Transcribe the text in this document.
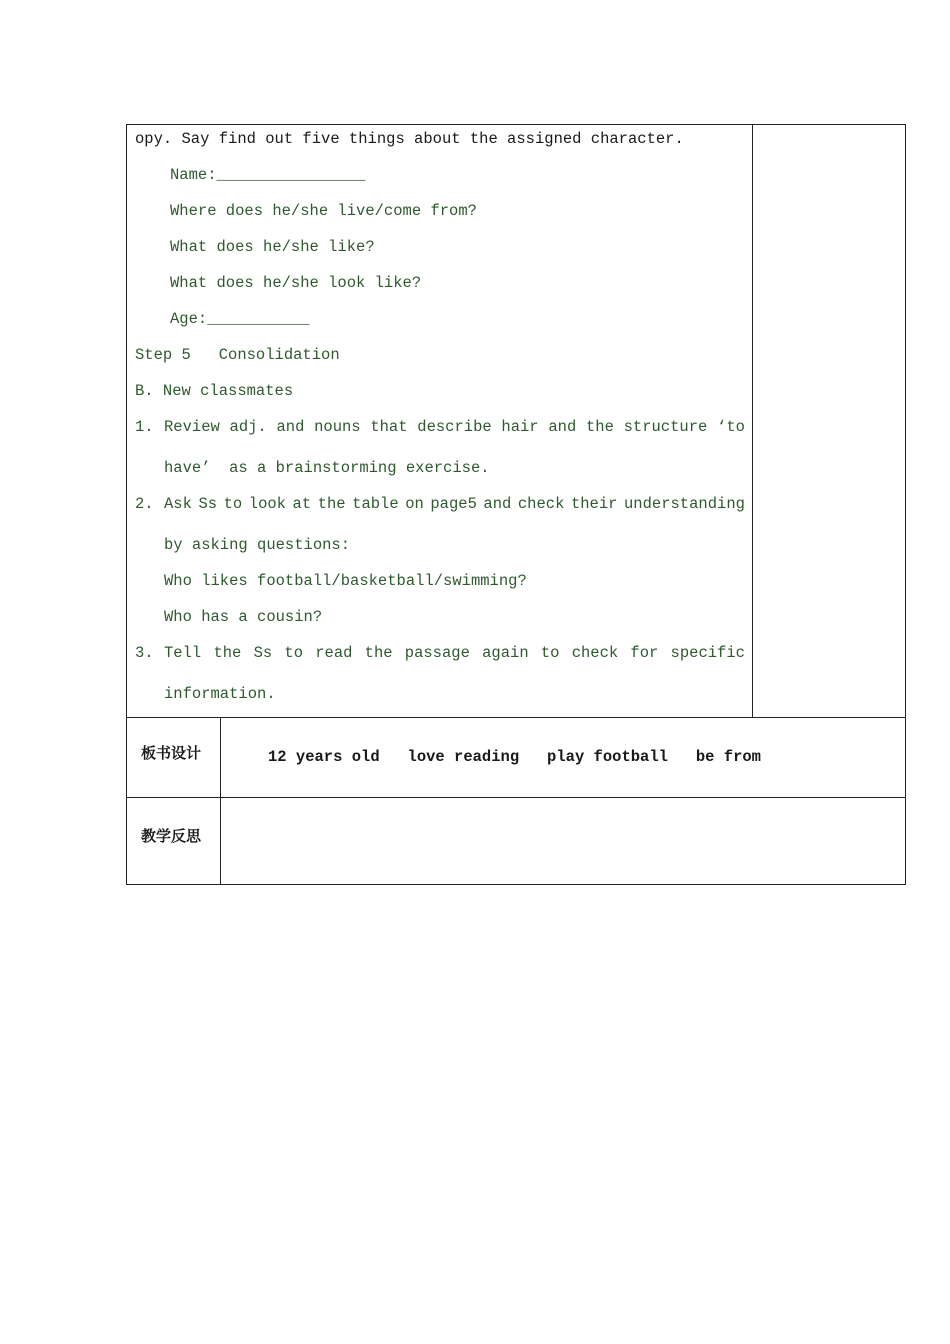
opy. Say find out five things about the assigned character.
Name:________________
Where does he/she live/come from?
What does he/she like?
What does he/she look like?
Age:___________
Step 5   Consolidation
B. New classmates
1. Review adj. and nouns that describe hair and the structure ‘to
have’  as a brainstorming exercise.
2. Ask Ss to look at the table on page5 and check their understanding
by asking questions:
Who likes football/basketball/swimming?
Who has a cousin?
3. Tell the Ss to read the passage again to check for specific
information.
板书设计	12 years old   love reading   play football   be from
教学反思
